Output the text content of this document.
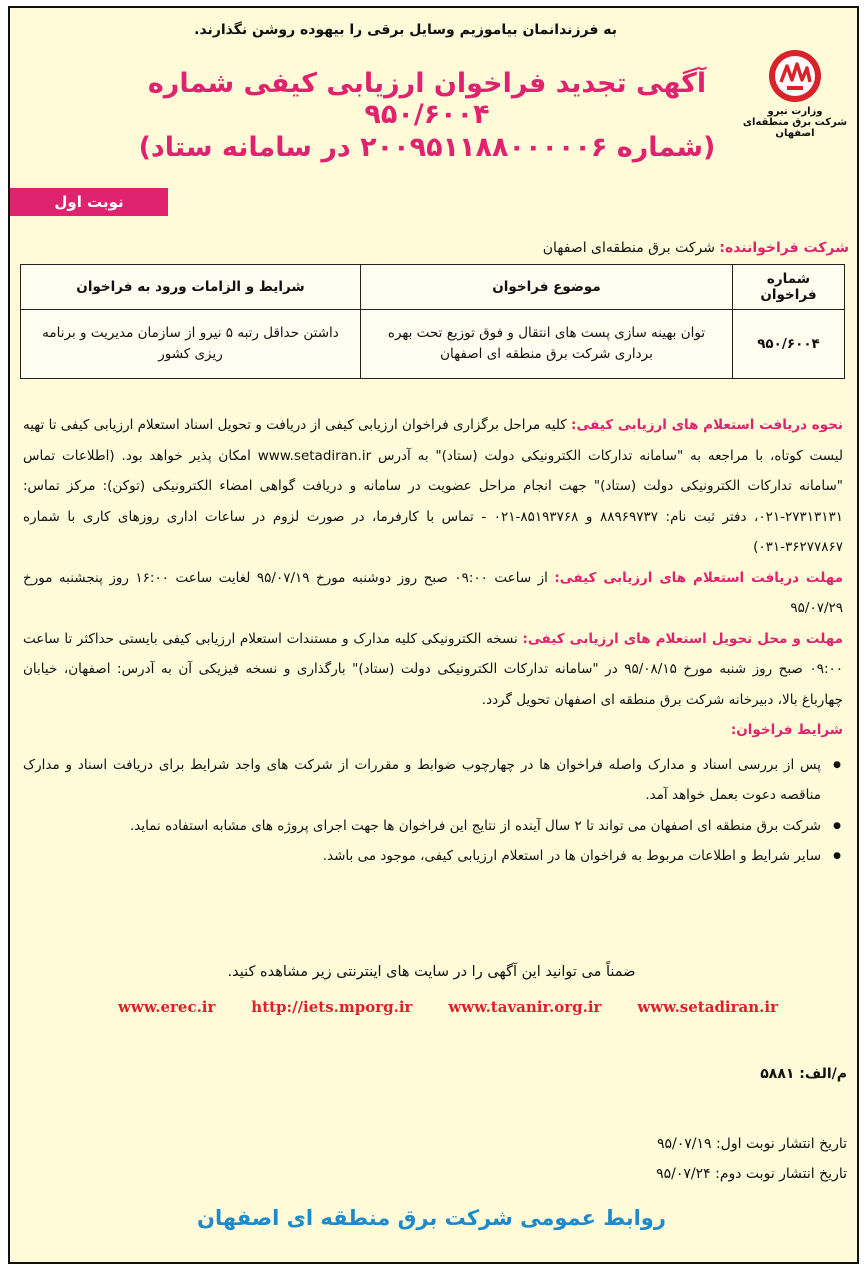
به فرزندانمان بیاموزیم وسایل برقی را بیهوده روشن نگذارند.
وزارت نیرو
شرکت برق منطقه‌ای اصفهان
آگهی تجدید فراخوان ارزیابی کیفی شماره ۹۵۰/۶۰۰۴
(شماره ۲۰۰۹۵۱۱۸۸۰۰۰۰۰۶ در سامانه ستاد)
نوبت اول
شرکت فراخواننده: شرکت برق منطقه‌ای اصفهان
شماره فراخوان	موضوع فراخوان	شرایط و الزامات ورود به فراخوان
۹۵۰/۶۰۰۴	توان بهینه سازی پست های انتقال و فوق توزیع تحت بهره برداری شرکت برق منطقه ای اصفهان	داشتن حداقل رتبه ۵ نیرو از سازمان مدیریت و برنامه ریزی کشور

نحوه دریافت استعلام های ارزیابی کیفی: کلیه مراحل برگزاری فراخوان ارزیابی کیفی از دریافت و تحویل اسناد استعلام ارزیابی کیفی تا تهیه لیست کوتاه، با مراجعه به "سامانه تدارکات الکترونیکی دولت (ستاد)" به آدرس www.setadiran.ir امکان پذیر خواهد بود. (اطلاعات تماس "سامانه تدارکات الکترونیکی دولت (ستاد)" جهت انجام مراحل عضویت در سامانه و دریافت گواهی امضاء الکترونیکی (توکن): مرکز تماس: ۲۷۳۱۳۱۳۱-۰۲۱، دفتر ثبت نام: ۸۸۹۶۹۷۳۷ و ۸۵۱۹۳۷۶۸-۰۲۱ - تماس با کارفرما، در صورت لزوم در ساعات اداری روزهای کاری با شماره ۳۶۲۷۷۸۶۷-۰۳۱)

مهلت دریافت استعلام های ارزیابی کیفی: از ساعت ۰۹:۰۰ صبح روز دوشنبه مورخ ۹۵/۰۷/۱۹ لغایت ساعت ۱۶:۰۰ روز پنجشنبه مورخ ۹۵/۰۷/۲۹

مهلت و محل تحویل استعلام های ارزیابی کیفی: نسخه الکترونیکی کلیه مدارک و مستندات استعلام ارزیابی کیفی بایستی حداکثر تا ساعت ۰۹:۰۰ صبح روز شنبه مورخ ۹۵/۰۸/۱۵ در "سامانه تدارکات الکترونیکی دولت (ستاد)" بارگذاری و نسخه فیزیکی آن به آدرس: اصفهان، خیابان چهارباغ بالا، دبیرخانه شرکت برق منطقه ای اصفهان تحویل گردد.

شرایط فراخوان:

● پس از بررسی اسناد و مدارک واصله فراخوان ها در چهارچوب ضوابط و مقررات از شرکت های واجد شرایط برای دریافت اسناد و مدارک مناقصه دعوت بعمل خواهد آمد.
● شرکت برق منطقه ای اصفهان می تواند تا ۲ سال آینده از نتایج این فراخوان ها جهت اجرای پروژه های مشابه استفاده نماید.
● سایر شرایط و اطلاعات مربوط به فراخوان ها در استعلام ارزیابی کیفی، موجود می باشد.
ضمناً می توانید این آگهی را در سایت های اینترنتی زیر مشاهده کنید.
www.erec.ir http://iets.mporg.ir www.tavanir.org.ir www.setadiran.ir
م/الف: ۵۸۸۱
تاریخ انتشار نوبت اول: ۹۵/۰۷/۱۹
تاریخ انتشار نوبت دوم: ۹۵/۰۷/۲۴
روابط عمومی شرکت برق منطقه ای اصفهان
